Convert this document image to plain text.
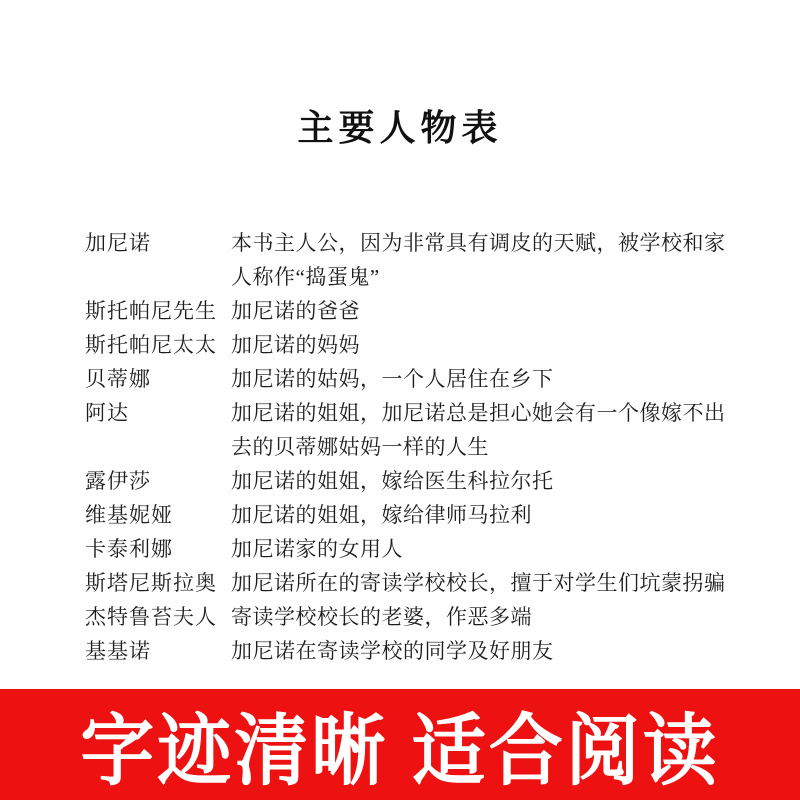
主要人物表
加尼诺	本书主人公，因为非常具有调皮的天赋，被学校和家人称作“捣蛋鬼”
斯托帕尼先生 加尼诺的爸爸
斯托帕尼太太 加尼诺的妈妈
贝蒂娜	加尼诺的姑妈，一个人居住在乡下
阿达	加尼诺的姐姐，加尼诺总是担心她会有一个像嫁不出去的贝蒂娜姑妈一样的人生
露伊莎	加尼诺的姐姐，嫁给医生科拉尔托
维基妮娅	加尼诺的姐姐，嫁给律师马拉利
卡泰利娜	加尼诺家的女用人
斯塔尼斯拉奥 加尼诺所在的寄读学校校长，擅于对学生们坑蒙拐骗
杰特鲁苔夫人 寄读学校校长的老婆，作恶多端
基基诺	加尼诺在寄读学校的同学及好朋友
字迹清晰 适合阅读
